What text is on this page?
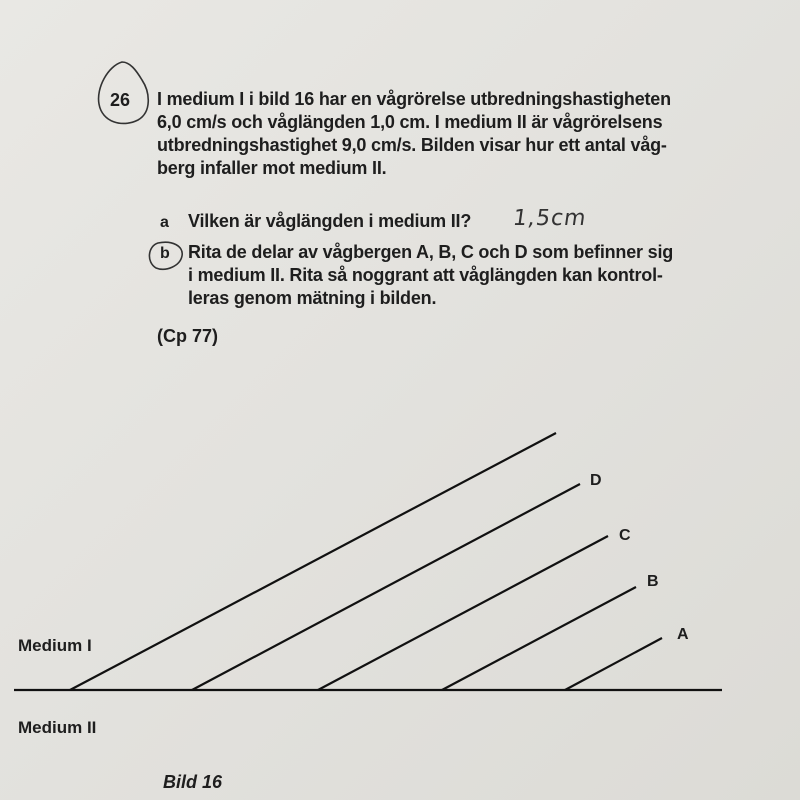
26 I medium I i bild 16 har en vågrörelse utbredningshastigheten
6,0 cm/s och våglängden 1,0 cm. I medium II är vågrörelsens
utbredningshastighet 9,0 cm/s. Bilden visar hur ett antal våg-
berg infaller mot medium II.
a Vilken är våglängden i medium II? 1,5cm
b Rita de delar av vågbergen A, B, C och D som befinner sig
i medium II. Rita så noggrant att våglängden kan kontrol-
leras genom mätning i bilden.
(Cp 77)
D
C
B
A
Medium I
Medium II
Bild 16
